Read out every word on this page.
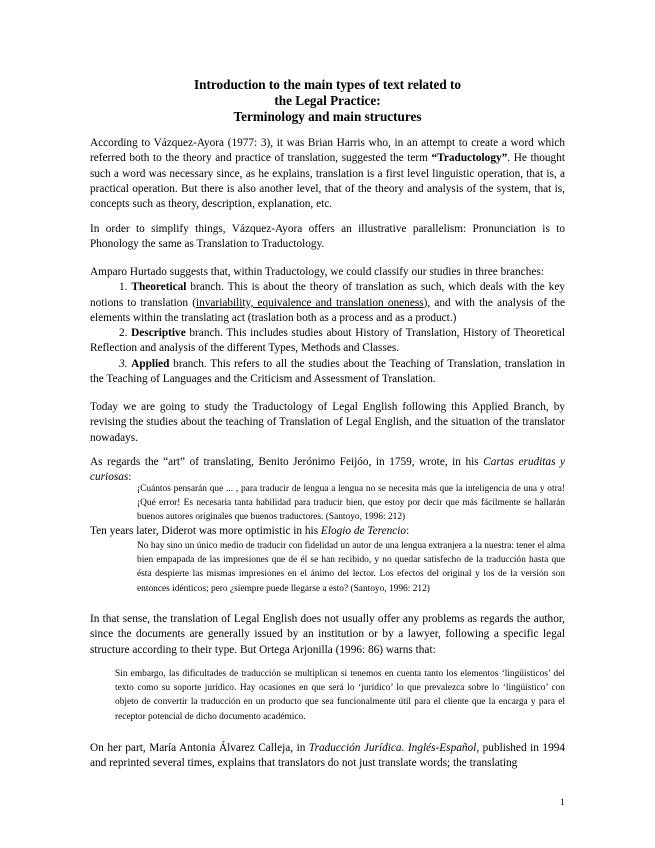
Introduction to the main types of text related to
the Legal Practice:
Terminology and main structures
According to Vázquez-Ayora (1977: 3), it was Brian Harris who, in an attempt to create a word which referred both to the theory and practice of translation, suggested the term “Traductology”. He thought such a word was necessary since, as he explains, translation is a first level linguistic operation, that is, a practical operation. But there is also another level, that of the theory and analysis of the system, that is, concepts such as theory, description, explanation, etc.
In order to simplify things, Vázquez-Ayora offers an illustrative parallelism: Pronunciation is to Phonology the same as Translation to Traductology.
Amparo Hurtado suggests that, within Traductology, we could classify our studies in three branches:
1. Theoretical branch. This is about the theory of translation as such, which deals with the key notions to translation (invariability, equivalence and translation oneness), and with the analysis of the elements within the translating act (traslation both as a process and as a product.)
2. Descriptive branch. This includes studies about History of Translation, History of Theoretical Reflection and analysis of the different Types, Methods and Classes.
3. Applied branch. This refers to all the studies about the Teaching of Translation, translation in the Teaching of Languages and the Criticism and Assessment of Translation.
Today we are going to study the Traductology of Legal English following this Applied Branch, by revising the studies about the teaching of Translation of Legal English, and the situation of the translator nowadays.
As regards the “art” of translating, Benito Jerónimo Feijóo, in 1759, wrote, in his Cartas eruditas y curiosas:
¡Cuántos pensarán que ... , para traducir de lengua a lengua no se necesita más que la inteligencia de una y otra! ¡Qué error! Es necesaria tanta habilidad para traducir bien, que estoy por decir que más fácilmente se hallarán buenos autores originales que buenos traductores. (Santoyo, 1996: 212)
Ten years later, Diderot was more optimistic in his Elogio de Terencio:
No hay sino un único medio de traducir con fidelidad un autor de una lengua extranjera a la nuestra: tener el alma bien empapada de las impresiones que de él se han recibido, y no quedar satisfecho de la traducción hasta que ésta despierte las mismas impresiones en el ánimo del lector. Los efectos del original y los de la versión son entonces idénticos; pero ¿siempre puede llegarse a esto? (Santoyo, 1996: 212)
In that sense, the translation of Legal English does not usually offer any problems as regards the author, since the documents are generally issued by an institution or by a lawyer, following a specific legal structure according to their type. But Ortega Arjonilla (1996: 86) warns that:
Sin embargo, las dificultades de traducción se multiplican si tenemos en cuenta tanto los elementos ‘lingüísticos’ del texto como su soporte jurídico. Hay ocasiones en que será lo ‘jurídico’ lo que prevalezca sobre lo ‘lingüístico’ con objeto de convertir la traducción en un producto que sea funcionalmente útil para el cliente que la encarga y para el receptor potencial de dicho documento académico.
On her part, María Antonia Álvarez Calleja, in Traducción Jurídica. Inglés-Español, published in 1994 and reprinted several times, explains that translators do not just translate words; the translating
1
